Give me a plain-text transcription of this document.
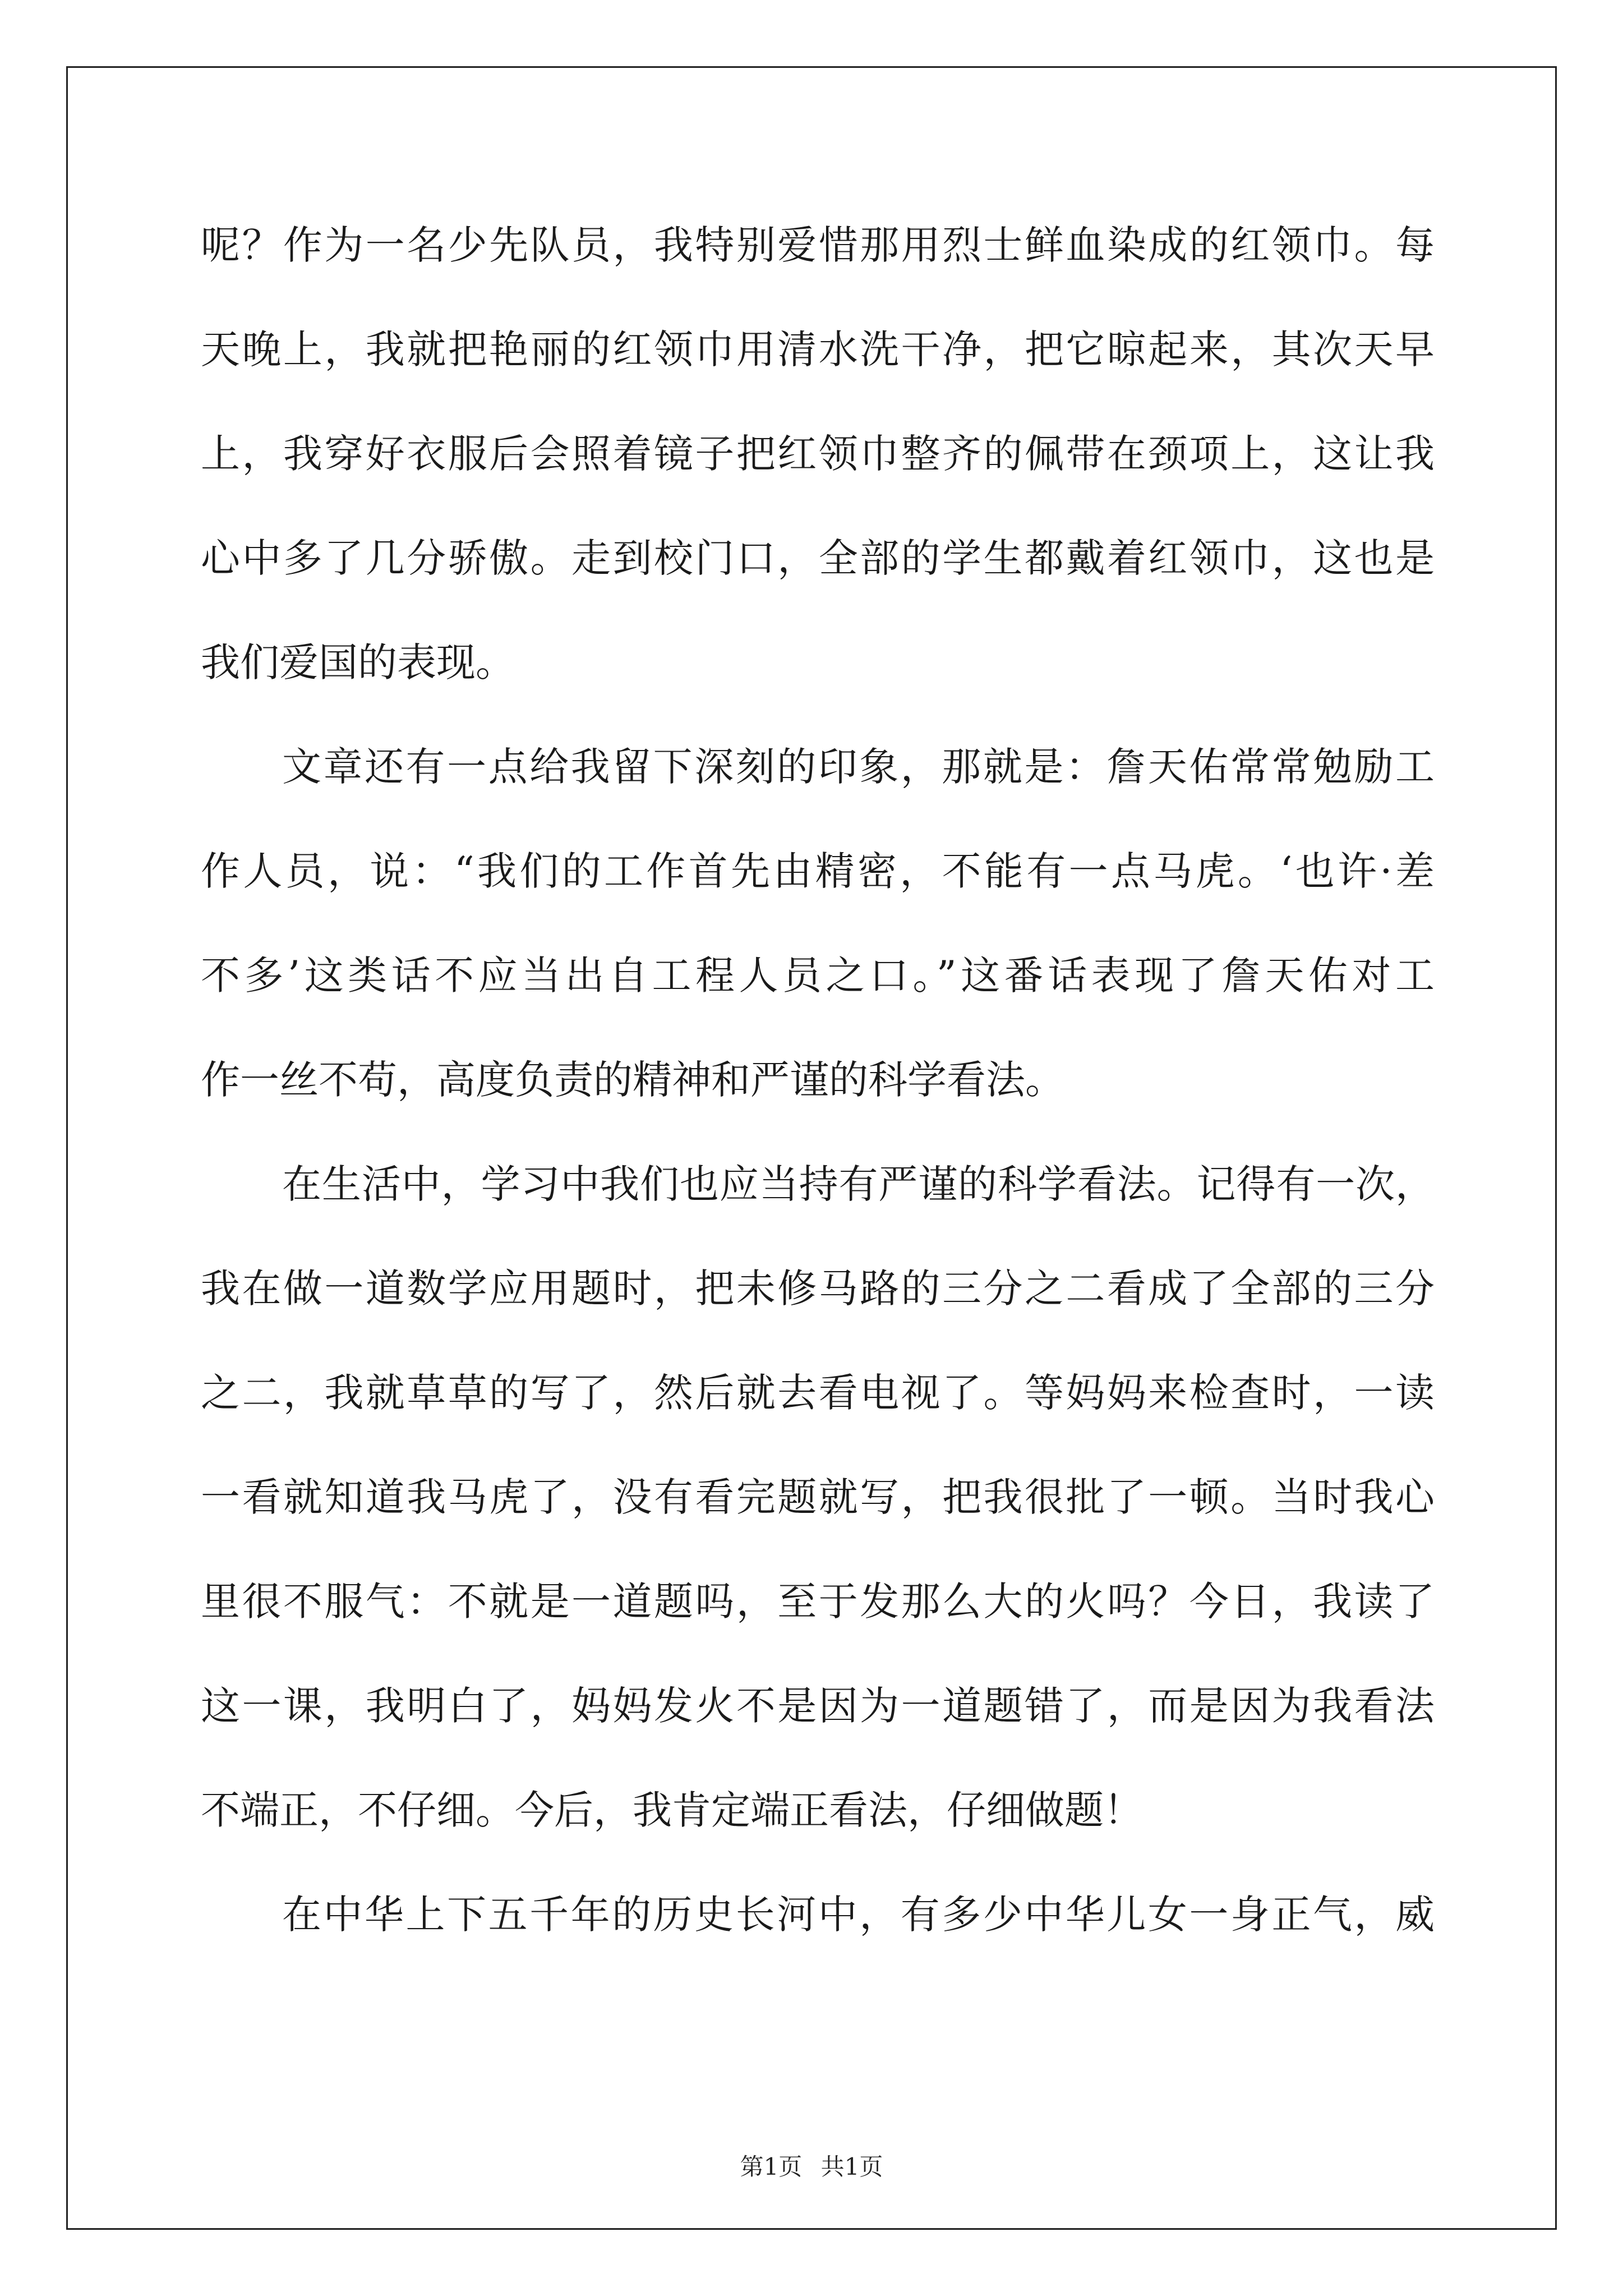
呢？作为一名少先队员，我特别爱惜那用烈士鲜血染成的红领巾。每
天晚上，我就把艳丽的红领巾用清水洗干净，把它晾起来，其次天早
上，我穿好衣服后会照着镜子把红领巾整齐的佩带在颈项上，这让我
心中多了几分骄傲。走到校门口，全部的学生都戴着红领巾，这也是
我们爱国的表现。
文章还有一点给我留下深刻的印象，那就是：詹天佑常常勉励工
作人员，说：“我们的工作首先由精密，不能有一点马虎。‘也许·差
不多’这类话不应当出自工程人员之口。”这番话表现了詹天佑对工
作一丝不苟，高度负责的精神和严谨的科学看法。
在生活中，学习中我们也应当持有严谨的科学看法。记得有一次，
我在做一道数学应用题时，把未修马路的三分之二看成了全部的三分
之二，我就草草的写了，然后就去看电视了。等妈妈来检查时，一读
一看就知道我马虎了，没有看完题就写，把我很批了一顿。当时我心
里很不服气：不就是一道题吗，至于发那么大的火吗？今日，我读了
这一课，我明白了，妈妈发火不是因为一道题错了，而是因为我看法
不端正，不仔细。今后，我肯定端正看法，仔细做题！
在中华上下五千年的历史长河中，有多少中华儿女一身正气，威
第1页 共1页
